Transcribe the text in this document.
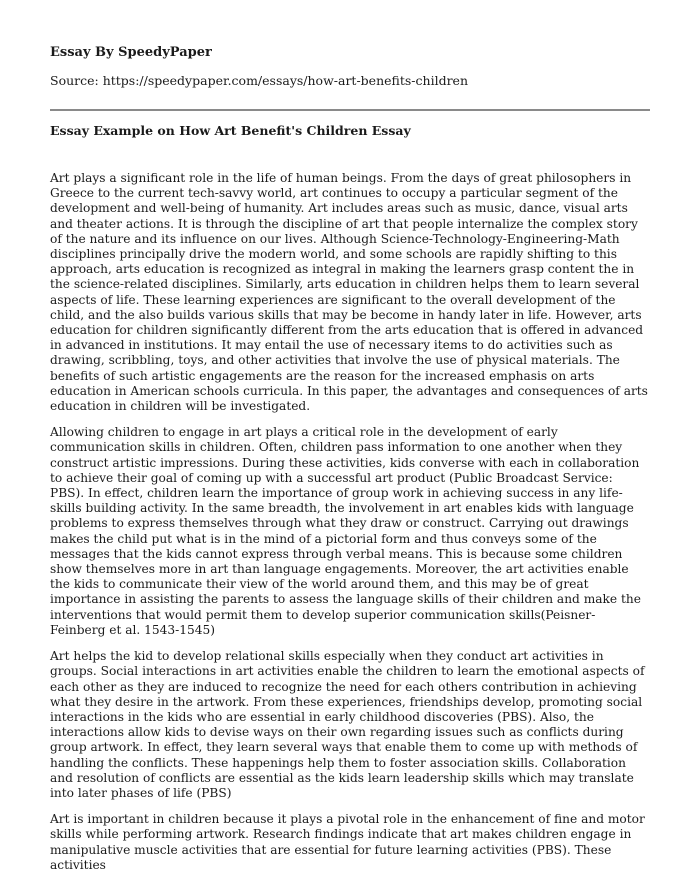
Essay By SpeedyPaper
Source: https://speedypaper.com/essays/how-art-benefits-children
Essay Example on How Art Benefit's Children Essay

Art plays a significant role in the life of human beings. From the days of great philosophers in Greece to the current tech-savvy world, art continues to occupy a particular segment of the development and well-being of humanity. Art includes areas such as music, dance, visual arts and theater actions. It is through the discipline of art that people internalize the complex story of the nature and its influence on our lives. Although Science-Technology-Engineering-Math disciplines principally drive the modern world, and some schools are rapidly shifting to this approach, arts education is recognized as integral in making the learners grasp content the in the science-related disciplines. Similarly, arts education in children helps them to learn several aspects of life. These learning experiences are significant to the overall development of the child, and the also builds various skills that may be become in handy later in life. However, arts education for children significantly different from the arts education that is offered in advanced in advanced in institutions. It may entail the use of necessary items to do activities such as drawing, scribbling, toys, and other activities that involve the use of physical materials. The benefits of such artistic engagements are the reason for the increased emphasis on arts education in American schools curricula. In this paper, the advantages and consequences of arts education in children will be investigated.

Allowing children to engage in art plays a critical role in the development of early communication skills in children. Often, children pass information to one another when they construct artistic impressions. During these activities, kids converse with each in collaboration to achieve their goal of coming up with a successful art product (Public Broadcast Service: PBS). In effect, children learn the importance of group work in achieving success in any life-skills building activity. In the same breadth, the involvement in art enables kids with language problems to express themselves through what they draw or construct. Carrying out drawings makes the child put what is in the mind of a pictorial form and thus conveys some of the messages that the kids cannot express through verbal means. This is because some children show themselves more in art than language engagements. Moreover, the art activities enable the kids to communicate their view of the world around them, and this may be of great importance in assisting the parents to assess the language skills of their children and make the interventions that would permit them to develop superior communication skills(Peisner-Feinberg et al. 1543-1545)

Art helps the kid to develop relational skills especially when they conduct art activities in groups. Social interactions in art activities enable the children to learn the emotional aspects of each other as they are induced to recognize the need for each others contribution in achieving what they desire in the artwork. From these experiences, friendships develop, promoting social interactions in the kids who are essential in early childhood discoveries (PBS). Also, the interactions allow kids to devise ways on their own regarding issues such as conflicts during group artwork. In effect, they learn several ways that enable them to come up with methods of handling the conflicts. These happenings help them to foster association skills. Collaboration and resolution of conflicts are essential as the kids learn leadership skills which may translate into later phases of life (PBS)

Art is important in children because it plays a pivotal role in the enhancement of fine and motor skills while performing artwork. Research findings indicate that art makes children engage in manipulative muscle activities that are essential for future learning activities (PBS). These activities
